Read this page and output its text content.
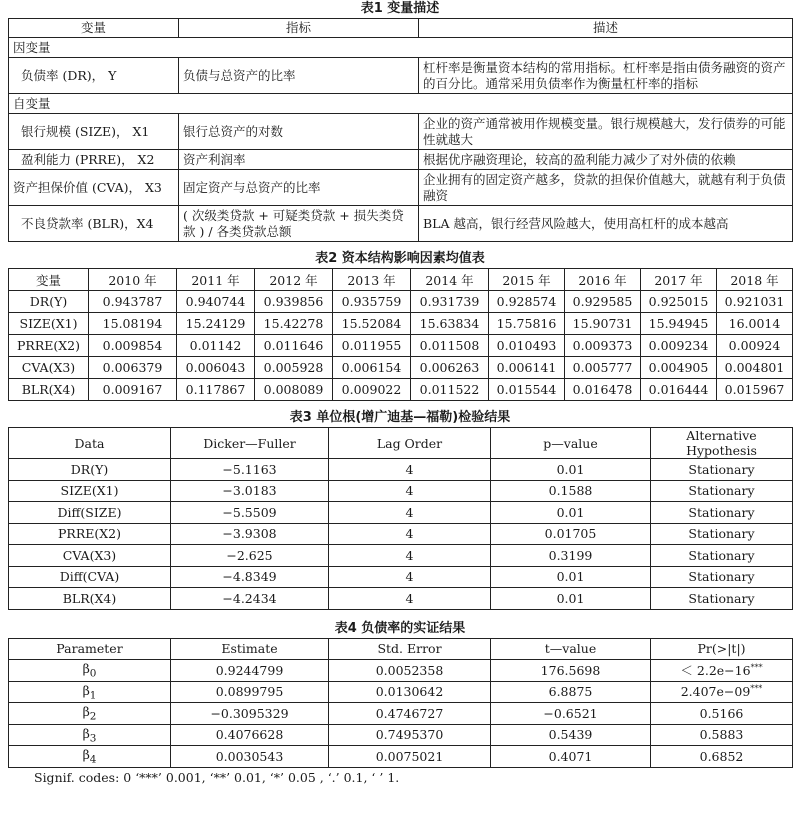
表1 变量描述
变量	指标	描述
因变量		
负债率 (DR)， Y	负债与总资产的比率	杠杆率是衡量资本结构的常用指标。杠杆率是指由债务融资的资产的百分比。通常采用负债率作为衡量杠杆率的指标
自变量		
银行规模 (SIZE)， X1	银行总资产的对数	企业的资产通常被用作规模变量。银行规模越大，发行债券的可能性就越大
盈利能力 (PRRE)， X2	资产利润率	根据优序融资理论，较高的盈利能力减少了对外债的依赖
资产担保价值 (CVA)， X3	固定资产与总资产的比率	企业拥有的固定资产越多，贷款的担保价值越大，就越有利于负债融资
不良贷款率 (BLR)，X4	( 次级类贷款 + 可疑类贷款 + 损失类贷款 ) / 各类贷款总额	BLA 越高，银行经营风险越大，使用高杠杆的成本越高
表2 资本结构影响因素均值表
变量	2010 年	2011 年	2012 年	2013 年	2014 年	2015 年	2016 年	2017 年	2018 年
DR(Y)	0.943787	0.940744	0.939856	0.935759	0.931739	0.928574	0.929585	0.925015	0.921031
SIZE(X1)	15.08194	15.24129	15.42278	15.52084	15.63834	15.75816	15.90731	15.94945	16.0014
PRRE(X2)	0.009854	0.01142	0.011646	0.011955	0.011508	0.010493	0.009373	0.009234	0.00924
CVA(X3)	0.006379	0.006043	0.005928	0.006154	0.006263	0.006141	0.005777	0.004905	0.004801
BLR(X4)	0.009167	0.117867	0.008089	0.009022	0.011522	0.015544	0.016478	0.016444	0.015967
表3 单位根(增广迪基—福勒)检验结果
Data	Dicker—Fuller	Lag Order	p—value	Alternative Hypothesis
DR(Y)	−5.1163	4	0.01	Stationary
SIZE(X1)	−3.0183	4	0.1588	Stationary
Diff(SIZE)	−5.5509	4	0.01	Stationary
PRRE(X2)	−3.9308	4	0.01705	Stationary
CVA(X3)	−2.625	4	0.3199	Stationary
Diff(CVA)	−4.8349	4	0.01	Stationary
BLR(X4)	−4.2434	4	0.01	Stationary
表4 负债率的实证结果
Parameter	Estimate	Std. Error	t—value	Pr(>|t|)
$\beta_0$	0.9244799	0.0052358	176.5698	＜ 2.2e−16***
$\beta_1$	0.0899795	0.0130642	6.8875	2.407e−09***
$\beta_2$	−0.3095329	0.4746727	−0.6521	0.5166
$\beta_3$	0.4076628	0.7495370	0.5439	0.5883
$\beta_4$	0.0030543	0.0075021	0.4071	0.6852
Signif. codes: 0 ‘***’ 0.001, ‘**’ 0.01, ‘*’ 0.05 , ‘.’ 0.1, ‘ ’ 1.
